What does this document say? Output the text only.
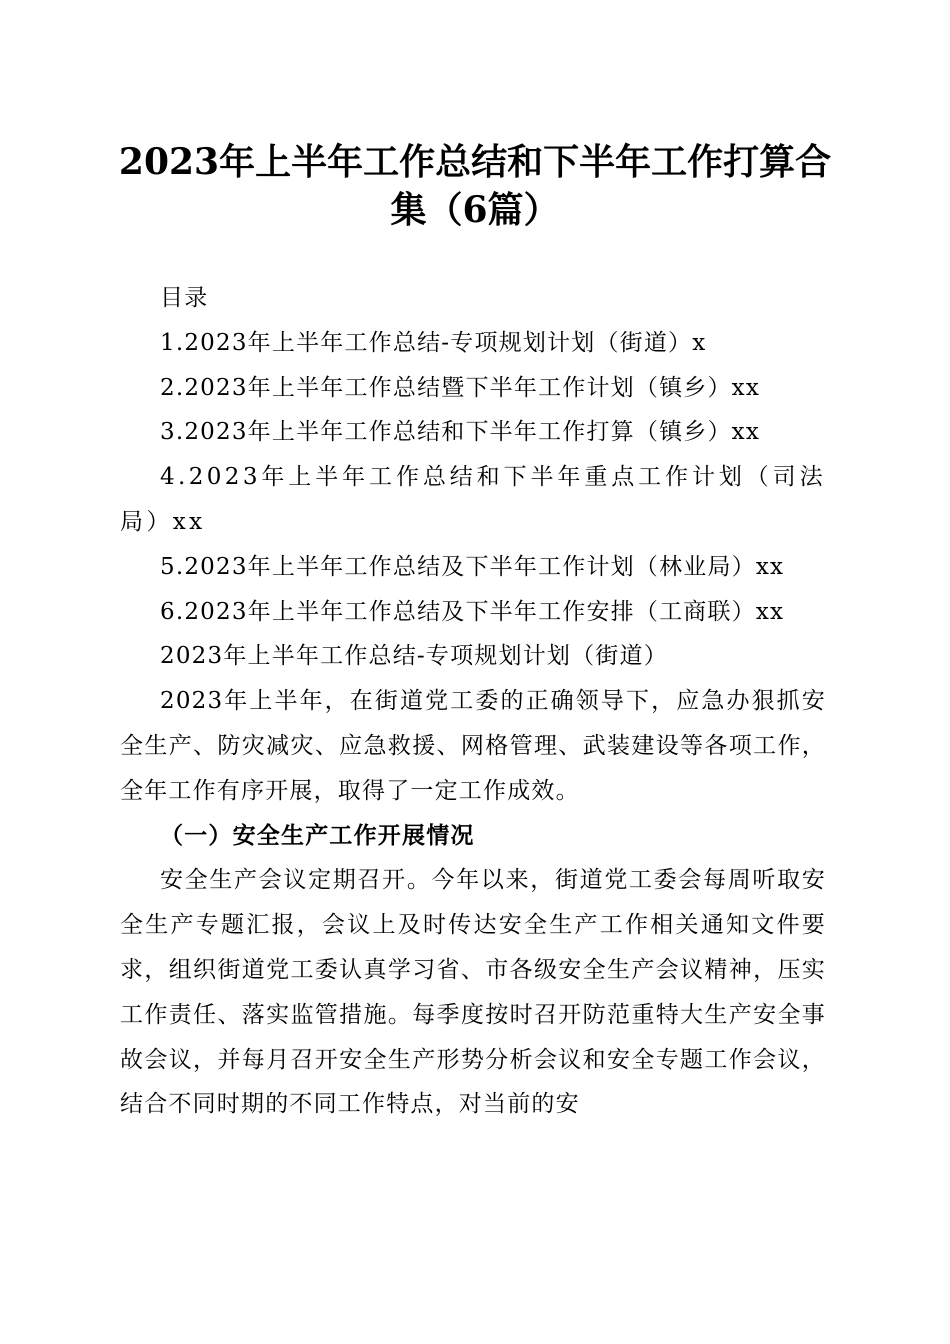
2023年上半年工作总结和下半年工作打算合集（6篇）

目录

1.2023年上半年工作总结-专项规划计划（街道）x

2.2023年上半年工作总结暨下半年工作计划（镇乡）xx

3.2023年上半年工作总结和下半年工作打算（镇乡）xx

4.2023年上半年工作总结和下半年重点工作计划（司法局）xx

5.2023年上半年工作总结及下半年工作计划（林业局）xx

6.2023年上半年工作总结及下半年工作安排（工商联）xx

2023年上半年工作总结-专项规划计划（街道）

2023年上半年，在街道党工委的正确领导下，应急办狠抓安全生产、防灾减灾、应急救援、网格管理、武装建设等各项工作，全年工作有序开展，取得了一定工作成效。

（一）安全生产工作开展情况

安全生产会议定期召开。今年以来，街道党工委会每周听取安全生产专题汇报，会议上及时传达安全生产工作相关通知文件要求，组织街道党工委认真学习省、市各级安全生产会议精神，压实工作责任、落实监管措施。每季度按时召开防范重特大生产安全事故会议，并每月召开安全生产形势分析会议和安全专题工作会议，结合不同时期的不同工作特点，对当前的安
